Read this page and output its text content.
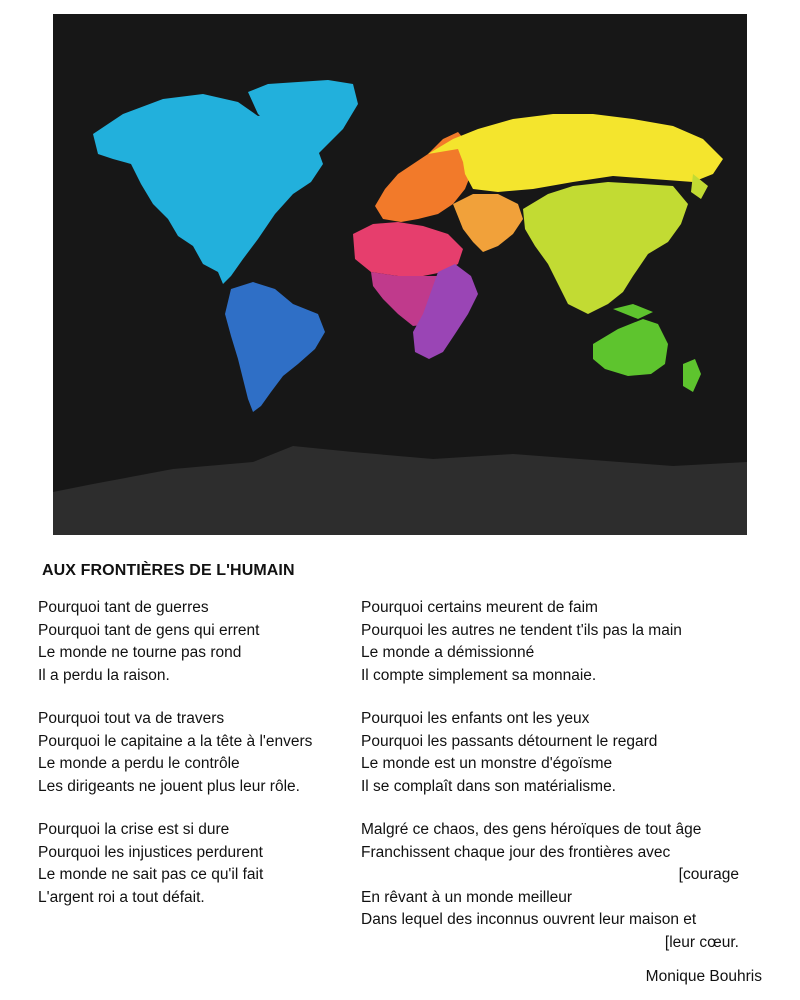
AUX FRONTIÈRES DE L'HUMAIN
Pourquoi tant de guerres
Pourquoi tant de gens qui errent
Le monde ne tourne pas rond
Il a perdu la raison.
Pourquoi tout va de travers
Pourquoi le capitaine a la tête à l'envers
Le monde a perdu le contrôle
Les dirigeants ne jouent plus leur rôle.
Pourquoi la crise est si dure
Pourquoi les injustices perdurent
Le monde ne sait pas ce qu'il fait
L'argent roi a tout défait.
Pourquoi certains meurent de faim
Pourquoi les autres ne tendent t'ils pas la main
Le monde a démissionné
Il compte simplement sa monnaie.
Pourquoi les enfants ont les yeux
Pourquoi les passants détournent le regard
Le monde est un monstre d'égoïsme
Il se complaît dans son matérialisme.
Malgré ce chaos, des gens héroïques de tout âge
Franchissent chaque jour des frontières avec
[courage
En rêvant à un monde meilleur
Dans lequel des inconnus ouvrent leur maison et
[leur cœur.
Monique Bouhris
